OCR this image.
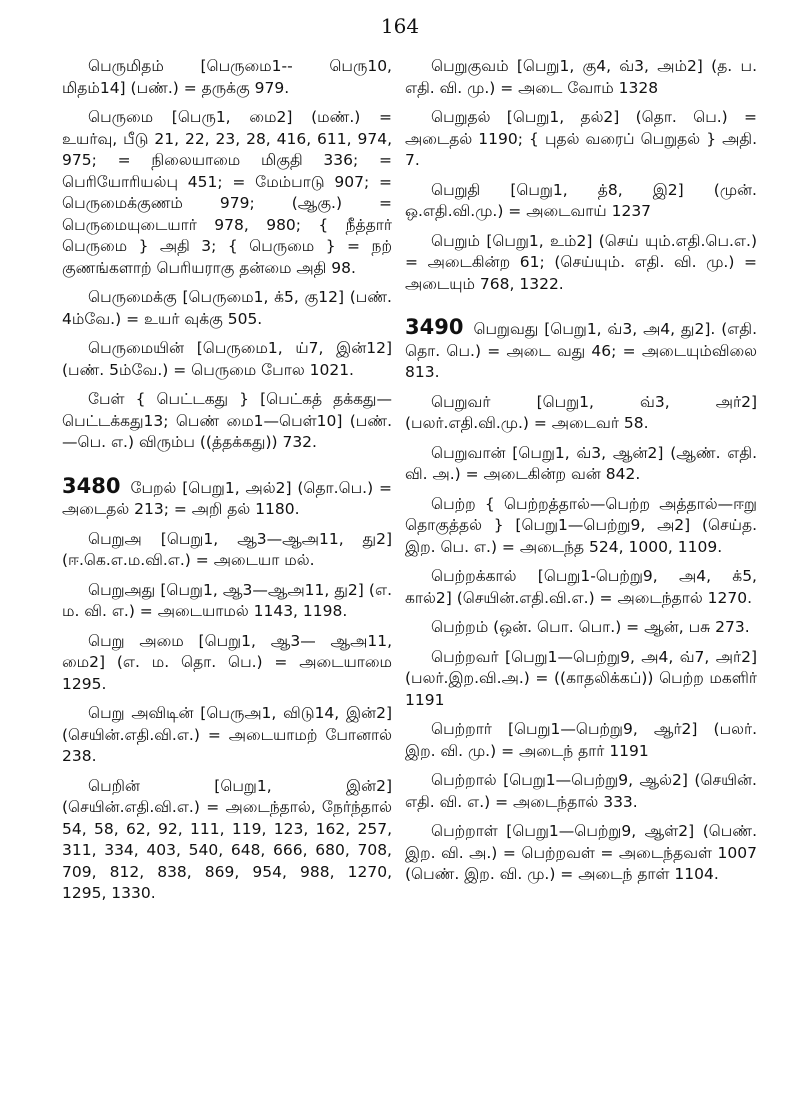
164

பெருமிதம் [பெருமை1-- பெரு10, மிதம்14] (பண்.) = தருக்கு 979.

பெருமை [பெரு1, மை2] (மண்.) = உயர்வு, பீடு 21, 22, 23, 28, 416, 611, 974, 975; = நிலையாமை மிகுதி 336; = பெரியோரியல்பு 451; = மேம்பாடு 907; = பெருமைக்குணம் 979; (ஆகு.) = பெருமையுடையார் 978, 980; { நீத்தார் பெருமை } அதி 3; { பெருமை } = நற் குணங்களாற் பெரியராகு தன்மை அதி 98.

பெருமைக்கு [பெருமை1, க்5, கு12] (பண். 4ம்வே.) = உயர் வுக்கு 505.

பெருமையின் [பெருமை1, ய்7, இன்12] (பண். 5ம்வே.) = பெருமை போல 1021.

பேள் { பெட்டகது } [பெட்கத் தக்கது—பெட்டக்கது13; பெண் மை1—பெள்10] (பண்.—பெ. எ.) விரும்ப ((த்தக்கது)) 732.

3480 பேறல் [பெறு1, அல்2] (தொ.பெ.) = அடைதல் 213; = அறி தல் 1180.

பெறுஅ [பெறு1, ஆ3—ஆஅ11, து2] (ஈ.கெ.எ.ம.வி.எ.) = அடையா மல்.

பெறுஅது [பெறு1, ஆ3—ஆஅ11, து2] (எ. ம. வி. எ.) = அடையாமல் 1143, 1198.

பெறு அமை [பெறு1, ஆ3— ஆஅ11, மை2] (எ. ம. தொ. பெ.) = அடையாமை 1295.

பெறு அவிடின் [பெருஅ1, விடு14, இன்2] (செயின்.எதி.வி.எ.) = அடையாமற் போனால் 238.

பெறின் [பெறு1, இன்2] (செயின்.எதி.வி.எ.) = அடைந்தால், நேர்ந்தால் 54, 58, 62, 92, 111, 119, 123, 162, 257, 311, 334, 403, 540, 648, 666, 680, 708, 709, 812, 838, 869, 954, 988, 1270, 1295, 1330.

பெறுகுவம் [பெறு1, கு4, வ்3, அம்2] (த. ப. எதி. வி. மு.) = அடை வோம் 1328

பெறுதல் [பெறு1, தல்2] (தொ. பெ.) = அடைதல் 1190; { புதல் வரைப் பெறுதல் } அதி. 7.

பெறுதி [பெறு1, த்8, இ2] (முன். ஒ.எதி.வி.மு.) = அடைவாய் 1237

பெறும் [பெறு1, உம்2] (செய் யும்.எதி.பெ.எ.) = அடைகின்ற 61; (செய்யும். எதி. வி. மு.) = அடையும் 768, 1322.

3490 பெறுவது [பெறு1, வ்3, அ4, து2]. (எதி. தொ. பெ.) = அடை வது 46; = அடையும்விலை 813.

பெறுவர் [பெறு1, வ்3, அர்2] (பலர்.எதி.வி.மு.) = அடைவர் 58.

பெறுவான் [பெறு1, வ்3, ஆன்2] (ஆண். எதி. வி. அ.) = அடைகின்ற வன் 842.

பெற்ற { பெற்றத்தால்—பெற்ற அத்தால்—ஈறு தொகுத்தல் } [பெறு1—பெற்று9, அ2] (செய்த. இற. பெ. எ.) = அடைந்த 524, 1000, 1109.

பெற்றக்கால் [பெறு1-பெற்று9, அ4, க்5, கால்2] (செயின்.எதி.வி.எ.) = அடைந்தால் 1270.

பெற்றம் (ஒன். பொ. பொ.) = ஆன், பசு 273.

பெற்றவர் [பெறு1—பெற்று9, அ4, வ்7, அர்2] (பலர்.இற.வி.அ.) = ((காதலிக்கப்)) பெற்ற மகளிர் 1191

பெற்றார் [பெறு1—பெற்று9, ஆர்2] (பலர். இற. வி. மு.) = அடைந் தார் 1191

பெற்றால் [பெறு1—பெற்று9, ஆல்2] (செயின். எதி. வி. எ.) = அடைந்தால் 333.

பெற்றாள் [பெறு1—பெற்று9, ஆள்2] (பெண். இற. வி. அ.) = பெற்றவள் = அடைந்தவள் 1007 (பெண். இற. வி. மு.) = அடைந் தாள் 1104.
